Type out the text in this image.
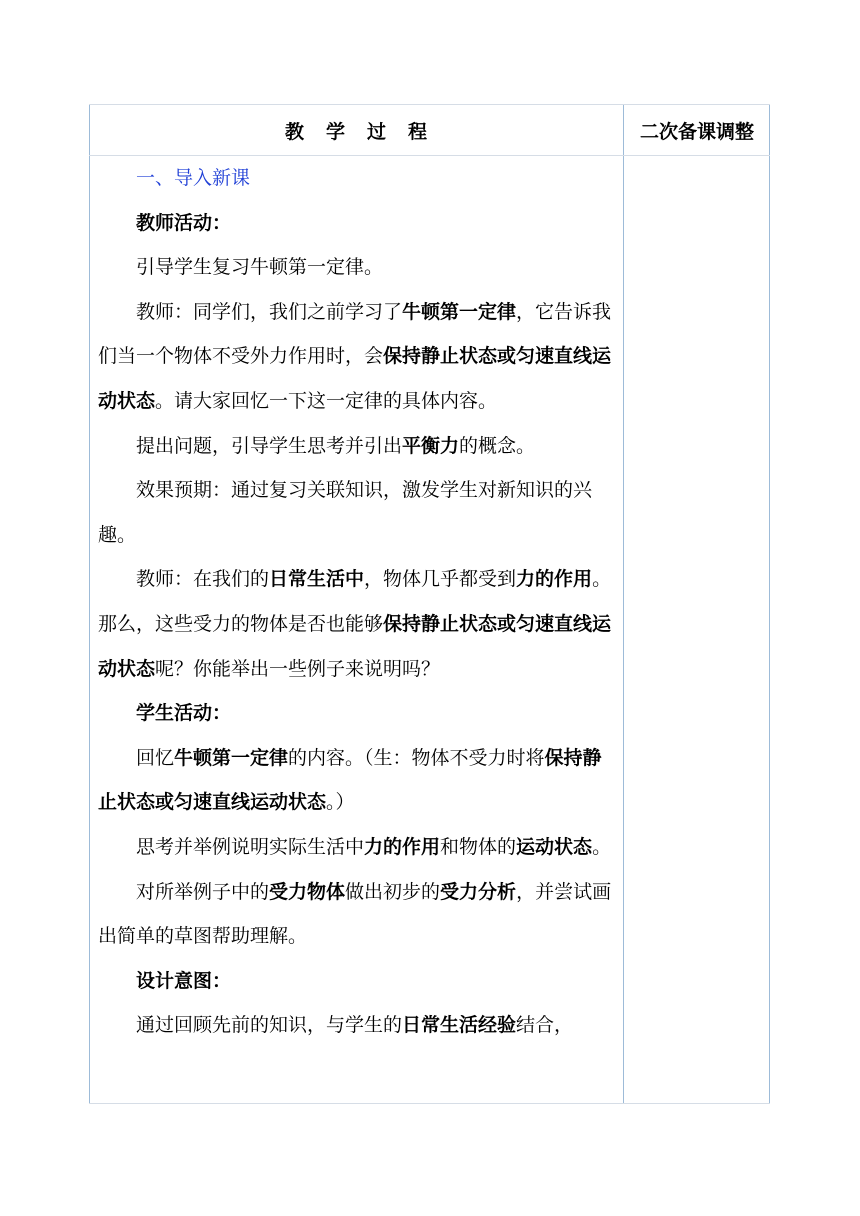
教学过程	二次备课调整

一、导入新课

教师活动：

引导学生复习牛顿第一定律。

教师：同学们，我们之前学习了牛顿第一定律，它告诉我们当一个物体不受外力作用时，会保持静止状态或匀速直线运动状态。请大家回忆一下这一定律的具体内容。

提出问题，引导学生思考并引出平衡力的概念。

效果预期：通过复习关联知识，激发学生对新知识的兴趣。

教师：在我们的日常生活中，物体几乎都受到力的作用。那么，这些受力的物体是否也能够保持静止状态或匀速直线运动状态呢？你能举出一些例子来说明吗？

学生活动：

回忆牛顿第一定律的内容。（生：物体不受力时将保持静止状态或匀速直线运动状态。）

思考并举例说明实际生活中力的作用和物体的运动状态。

对所举例子中的受力物体做出初步的受力分析，并尝试画出简单的草图帮助理解。

设计意图：

通过回顾先前的知识，与学生的日常生活经验结合，
